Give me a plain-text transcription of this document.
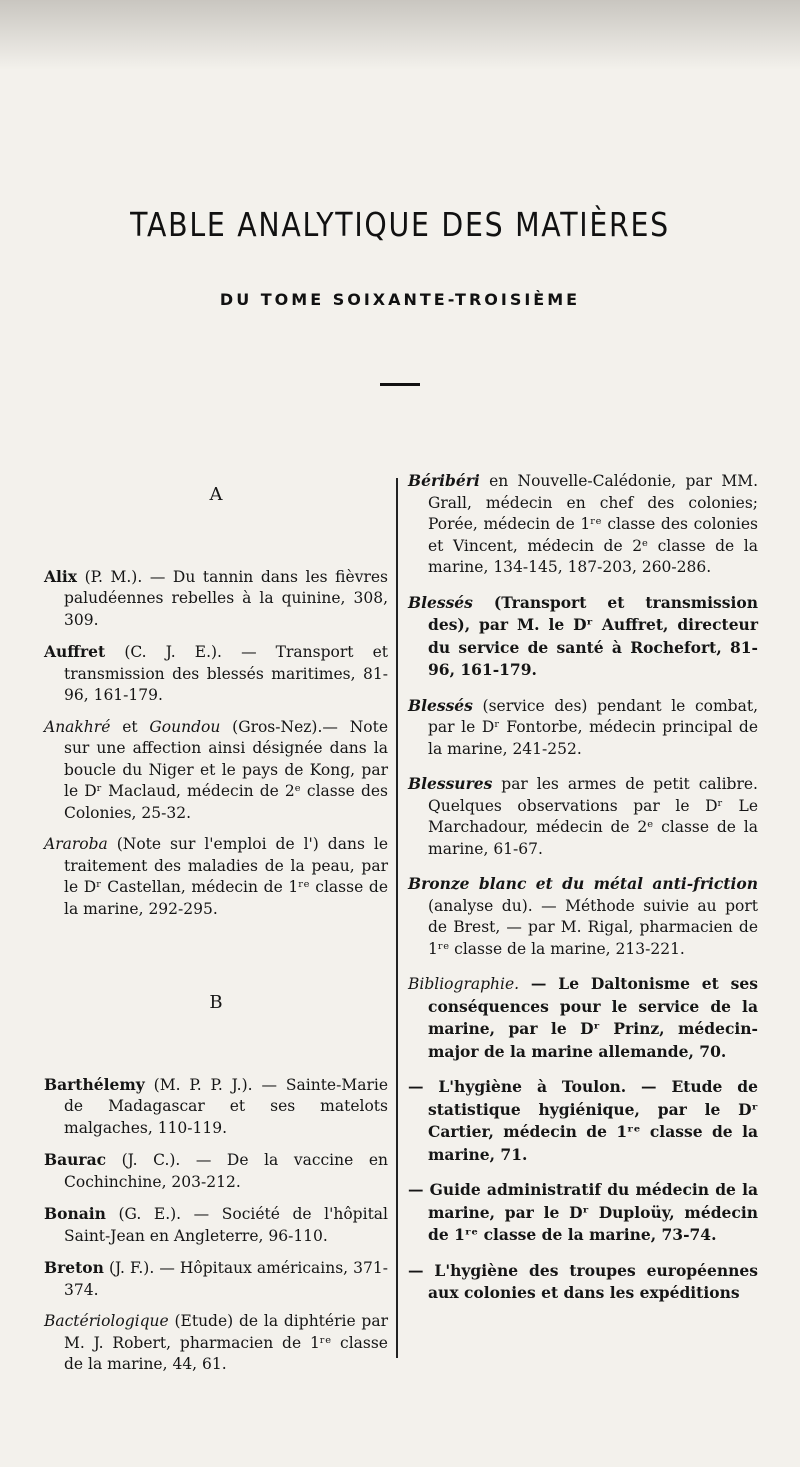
TABLE ANALYTIQUE DES MATIÈRES
DU TOME SOIXANTE-TROISIÈME
A
Alix (P. M.). — Du tannin dans les fièvres paludéennes rebelles à la quinine, 308, 309.
Auffret (C. J. E.). — Transport et transmission des blessés maritimes, 81-96, 161-179.
Anakhré et Goundou (Gros-Nez).— Note sur une affection ainsi désignée dans la boucle du Niger et le pays de Kong, par le Dʳ Maclaud, médecin de 2ᵉ classe des Colonies, 25-32.
Araroba (Note sur l'emploi de l') dans le traitement des maladies de la peau, par le Dʳ Castellan, médecin de 1ʳᵉ classe de la marine, 292-295.
B
Barthélemy (M. P. P. J.). — Sainte-Marie de Madagascar et ses matelots malgaches, 110-119.
Baurac (J. C.). — De la vaccine en Cochinchine, 203-212.
Bonain (G. E.). — Société de l'hôpital Saint-Jean en Angleterre, 96-110.
Breton (J. F.). — Hôpitaux américains, 371-374.
Bactériologique (Etude) de la diphtérie par M. J. Robert, pharmacien de 1ʳᵉ classe de la marine, 44, 61.
Béribéri en Nouvelle-Calédonie, par MM. Grall, médecin en chef des colonies; Porée, médecin de 1ʳᵉ classe des colonies et Vincent, médecin de 2ᵉ classe de la marine, 134-145, 187-203, 260-286.
Blessés (Transport et transmission des), par M. le Dʳ Auffret, directeur du service de santé à Rochefort, 81-96, 161-179.
Blessés (service des) pendant le combat, par le Dʳ Fontorbe, médecin principal de la marine, 241-252.
Blessures par les armes de petit calibre. Quelques observations par le Dʳ Le Marchadour, médecin de 2ᵉ classe de la marine, 61-67.
Bronze blanc et du métal anti-friction (analyse du). — Méthode suivie au port de Brest, — par M. Rigal, pharmacien de 1ʳᵉ classe de la marine, 213-221.
Bibliographie. — Le Daltonisme et ses conséquences pour le service de la marine, par le Dʳ Prinz, médecin-major de la marine allemande, 70.
— L'hygiène à Toulon. — Etude de statistique hygiénique, par le Dʳ Cartier, médecin de 1ʳᵉ classe de la marine, 71.
— Guide administratif du médecin de la marine, par le Dʳ Duploüy, médecin de 1ʳᵉ classe de la marine, 73-74.
— L'hygiène des troupes européennes aux colonies et dans les expéditions
